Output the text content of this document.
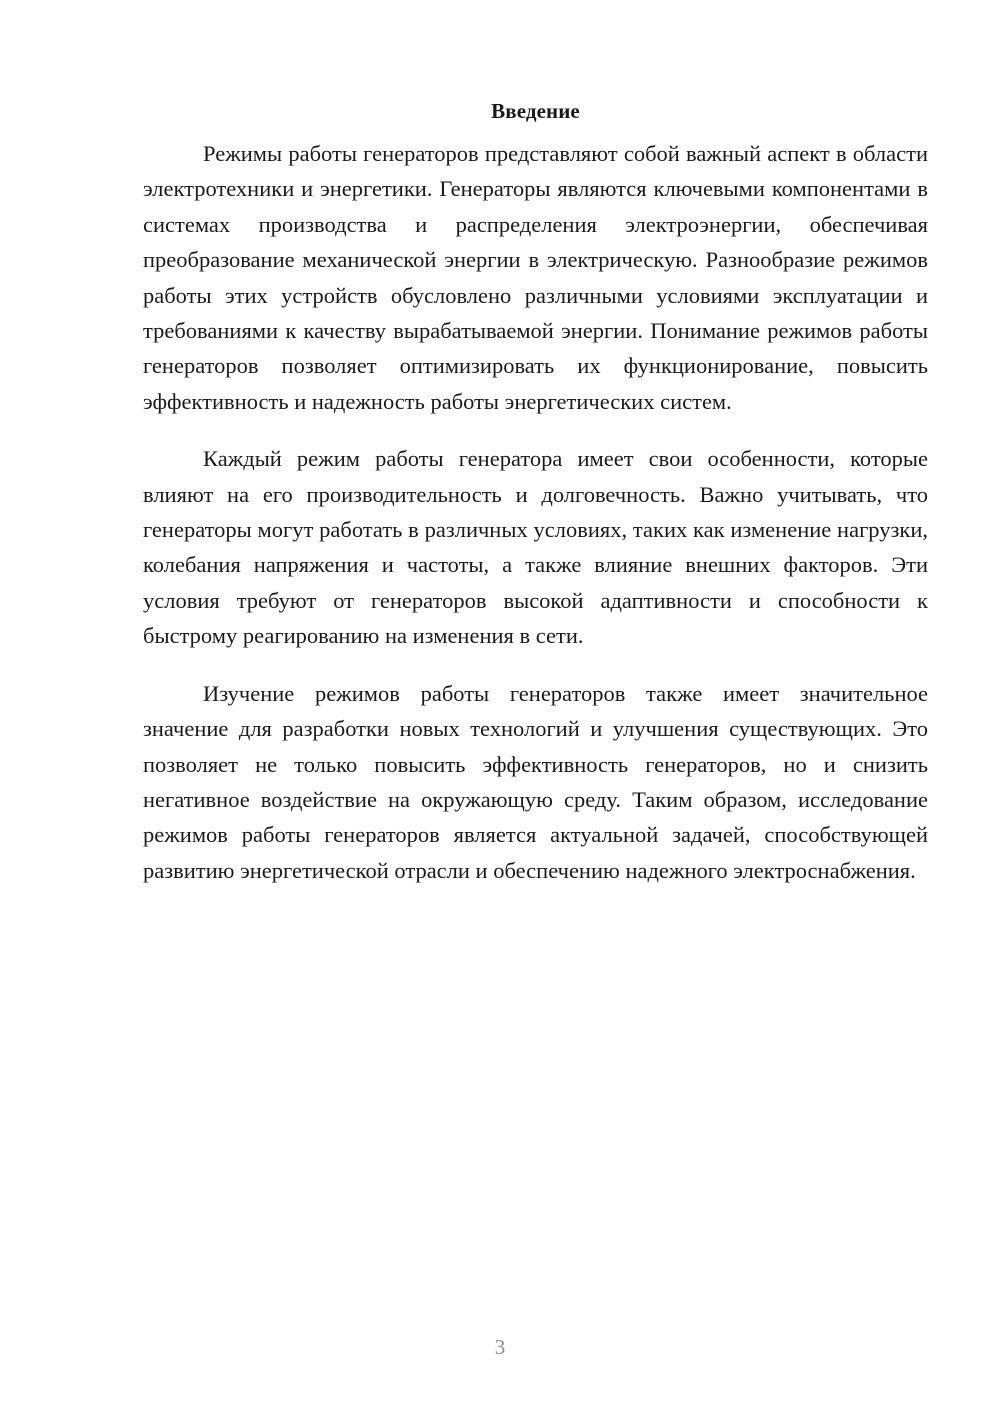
Введение

Режимы работы генераторов представляют собой важный аспект в области электротехники и энергетики. Генераторы являются ключевыми компонентами в системах производства и распределения электроэнергии, обеспечивая преобразование механической энергии в электрическую. Разнообразие режимов работы этих устройств обусловлено различными условиями эксплуатации и требованиями к качеству вырабатываемой энергии. Понимание режимов работы генераторов позволяет оптимизировать их функционирование, повысить эффективность и надежность работы энергетических систем.

Каждый режим работы генератора имеет свои особенности, которые влияют на его производительность и долговечность. Важно учитывать, что генераторы могут работать в различных условиях, таких как изменение нагрузки, колебания напряжения и частоты, а также влияние внешних факторов. Эти условия требуют от генераторов высокой адаптивности и способности к быстрому реагированию на изменения в сети.

Изучение режимов работы генераторов также имеет значительное значение для разработки новых технологий и улучшения существующих. Это позволяет не только повысить эффективность генераторов, но и снизить негативное воздействие на окружающую среду. Таким образом, исследование режимов работы генераторов является актуальной задачей, способствующей развитию энергетической отрасли и обеспечению надежного электроснабжения.

3
